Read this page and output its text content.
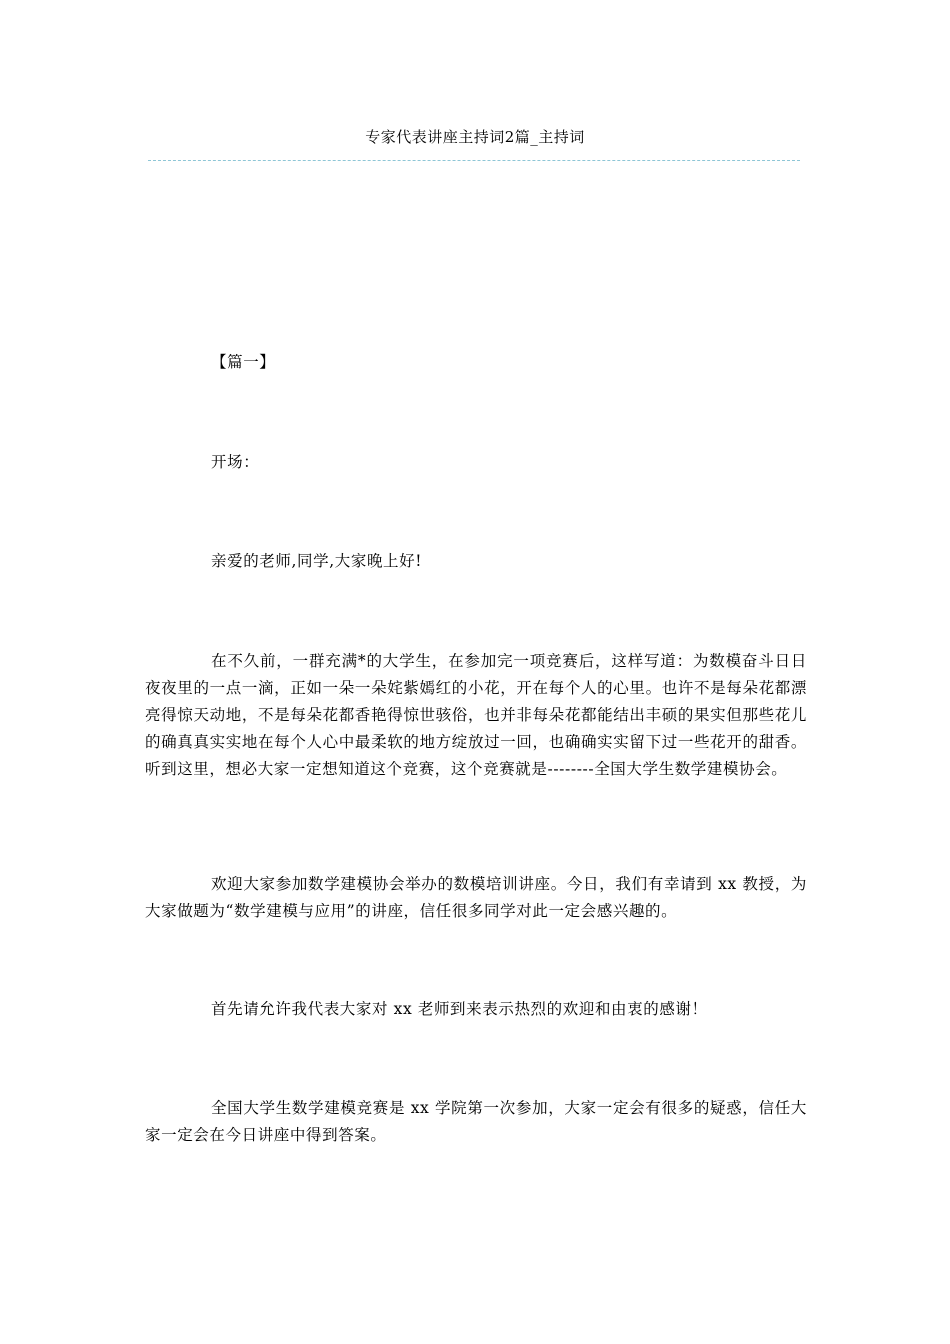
专家代表讲座主持词2篇_主持词
【篇一】
开场：
亲爱的老师,同学,大家晚上好!
在不久前，一群充满*的大学生，在参加完一项竞赛后，这样写道：为数模奋斗日日夜夜里的一点一滴，正如一朵一朵姹紫嫣红的小花，开在每个人的心里。也许不是每朵花都漂亮得惊天动地，不是每朵花都香艳得惊世骇俗，也并非每朵花都能结出丰硕的果实但那些花儿的确真真实实地在每个人心中最柔软的地方绽放过一回，也确确实实留下过一些花开的甜香。听到这里，想必大家一定想知道这个竞赛，这个竞赛就是--------全国大学生数学建模协会。
欢迎大家参加数学建模协会举办的数模培训讲座。今日，我们有幸请到 xx 教授，为大家做题为“数学建模与应用”的讲座，信任很多同学对此一定会感兴趣的。
首先请允许我代表大家对 xx 老师到来表示热烈的欢迎和由衷的感谢！
全国大学生数学建模竞赛是 xx 学院第一次参加，大家一定会有很多的疑惑，信任大家一定会在今日讲座中得到答案。
